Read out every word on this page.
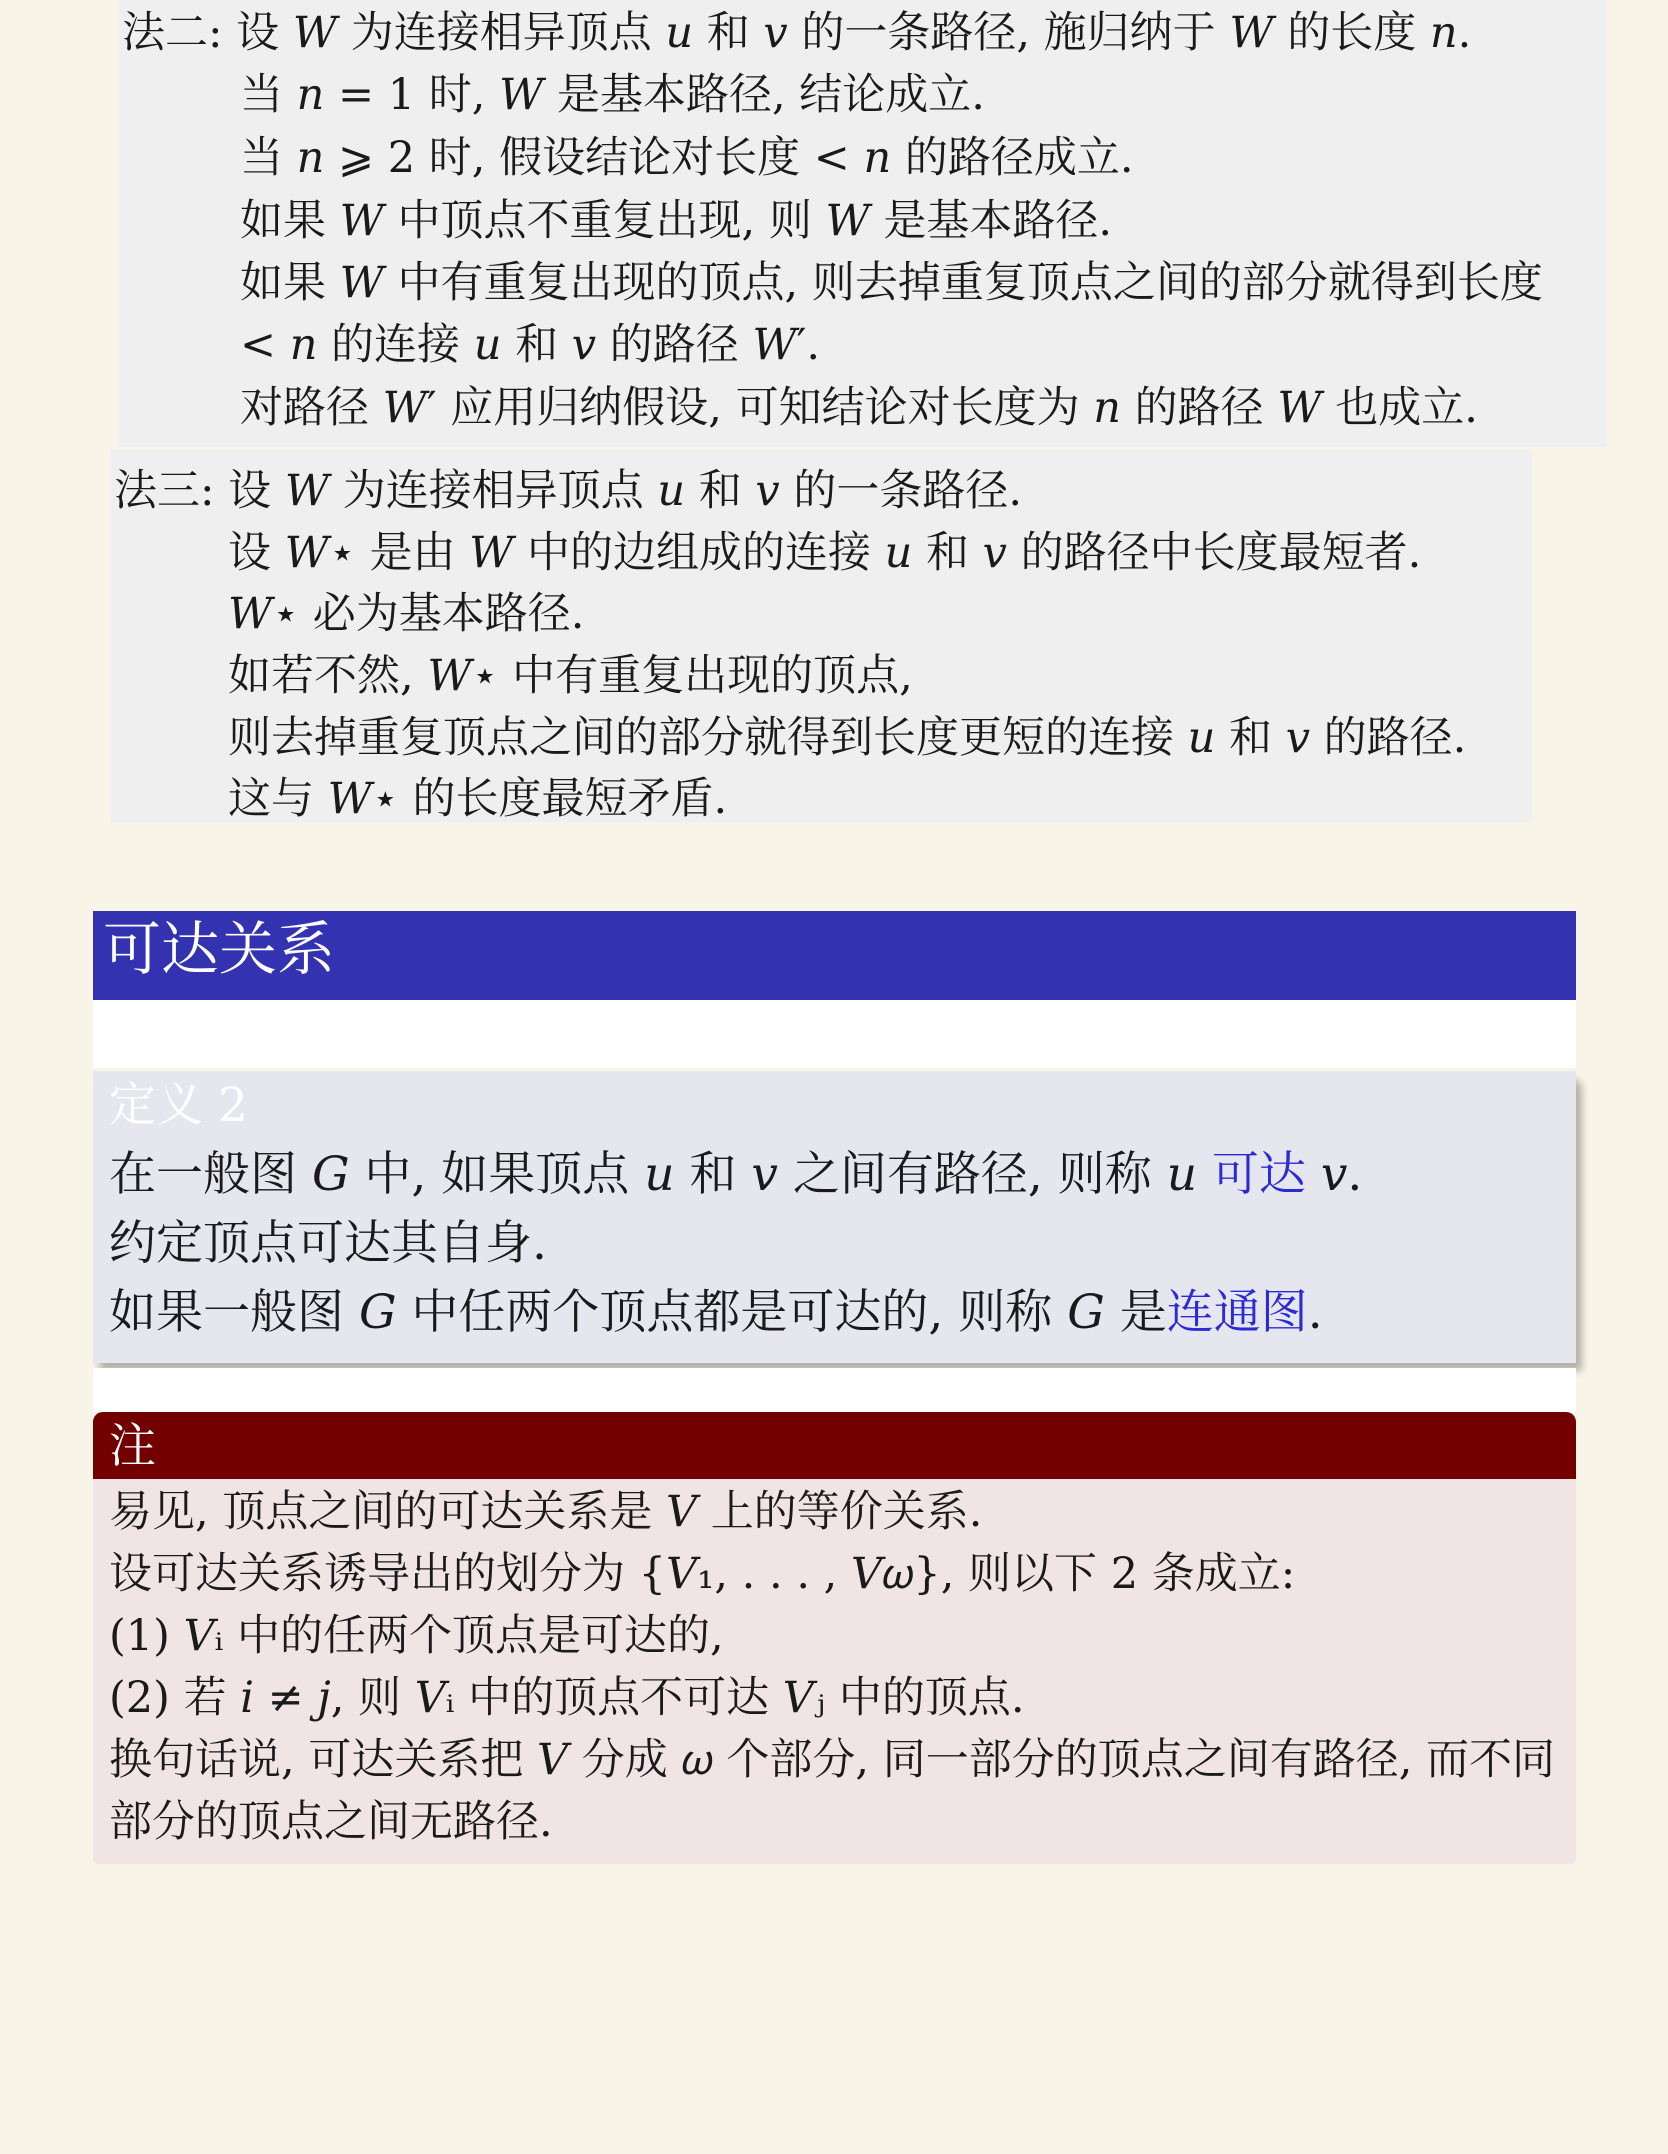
法二: 设 𝑊 为连接相异顶点 𝑢 和 𝑣 的一条路径, 施归纳于 𝑊 的长度 𝑛.
当 𝑛 = 1 时, 𝑊 是基本路径, 结论成立.
当 𝑛 ⩾ 2 时, 假设结论对长度 < 𝑛 的路径成立.
如果 𝑊 中顶点不重复出现, 则 𝑊 是基本路径.
如果 𝑊 中有重复出现的顶点, 则去掉重复顶点之间的部分就得到长度
< 𝑛 的连接 𝑢 和 𝑣 的路径 𝑊′.
对路径 𝑊′ 应用归纳假设, 可知结论对长度为 𝑛 的路径 𝑊 也成立.
法三: 设 𝑊 为连接相异顶点 𝑢 和 𝑣 的一条路径.
设 𝑊⋆ 是由 𝑊 中的边组成的连接 𝑢 和 𝑣 的路径中长度最短者.
𝑊⋆ 必为基本路径.
如若不然, 𝑊⋆ 中有重复出现的顶点,
则去掉重复顶点之间的部分就得到长度更短的连接 𝑢 和 𝑣 的路径.
这与 𝑊⋆ 的长度最短矛盾.
可达关系
定义 2
在一般图 𝐺 中, 如果顶点 𝑢 和 𝑣 之间有路径, 则称 𝑢 可达 𝑣.
约定顶点可达其自身.
如果一般图 𝐺 中任两个顶点都是可达的, 则称 𝐺 是连通图.
注
易见, 顶点之间的可达关系是 𝑉 上的等价关系.
设可达关系诱导出的划分为 {𝑉₁, . . . , 𝑉𝜔}, 则以下 2 条成立:
(1) 𝑉ᵢ 中的任两个顶点是可达的,
(2) 若 𝑖 ≠ 𝑗, 则 𝑉ᵢ 中的顶点不可达 𝑉ⱼ 中的顶点.
换句话说, 可达关系把 𝑉 分成 𝜔 个部分, 同一部分的顶点之间有路径, 而不同
部分的顶点之间无路径.
